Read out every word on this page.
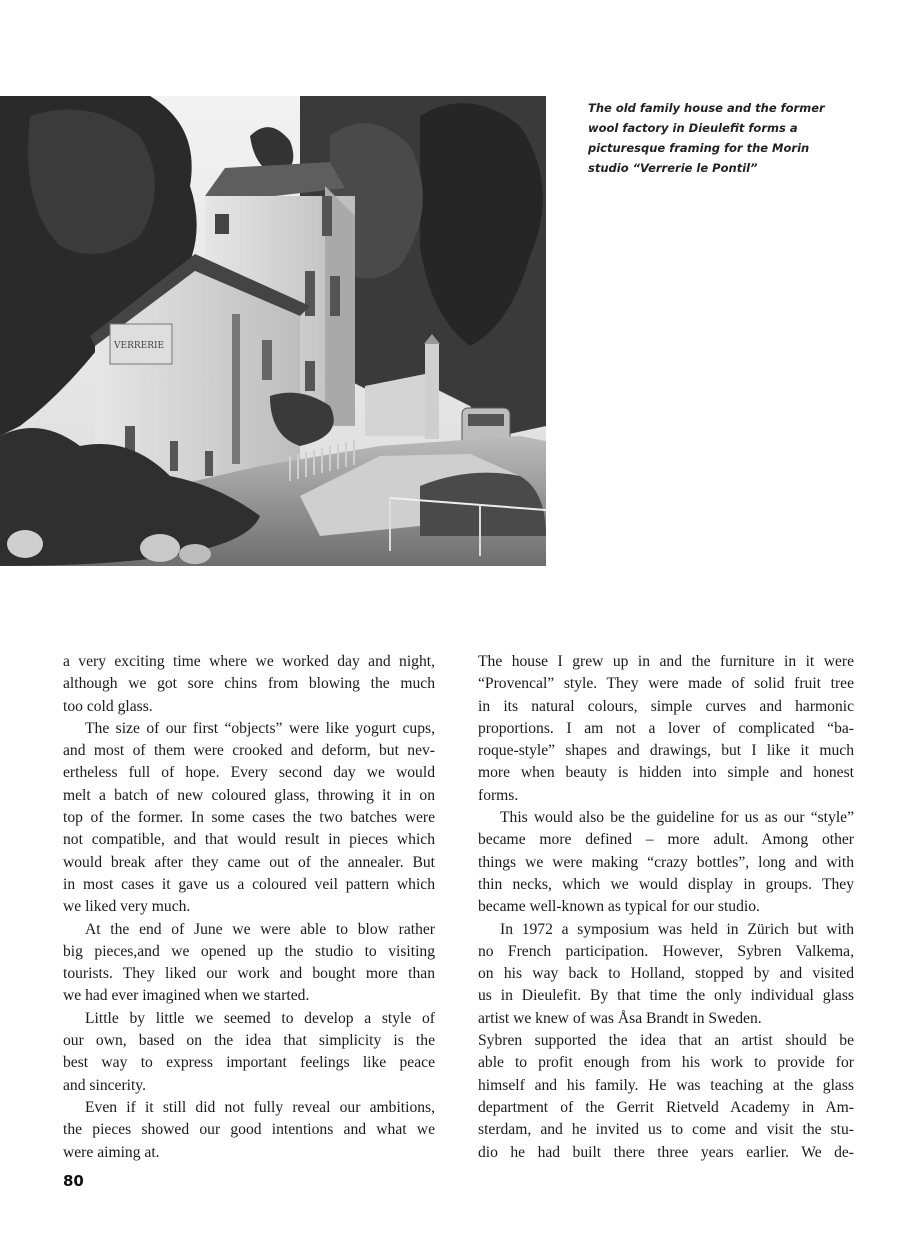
VERRERIE
The old family house and the former
wool factory in Dieulefit forms a
picturesque framing for the Morin
studio “Verrerie le Pontil”
a very exciting time where we worked day and night,
although we got sore chins from blowing the much
too cold glass.
The size of our first “objects” were like yogurt cups,
and most of them were crooked and deform, but nev-
ertheless full of hope. Every second day we would
melt a batch of new coloured glass, throwing it in on
top of the former. In some cases the two batches were
not compatible, and that would result in pieces which
would break after they came out of the annealer. But
in most cases it gave us a coloured veil pattern which
we liked very much.
At the end of June we were able to blow rather
big pieces,and we opened up the studio to visiting
tourists. They liked our work and bought more than
we had ever imagined when we started.
Little by little we seemed to develop a style of
our own, based on the idea that simplicity is the
best way to express important feelings like peace
and sincerity.
Even if it still did not fully reveal our ambitions,
the pieces showed our good intentions and what we
were aiming at.
The house I grew up in and the furniture in it were
“Provencal” style. They were made of solid fruit tree
in its natural colours, simple curves and harmonic
proportions. I am not a lover of complicated “ba-
roque-style” shapes and drawings, but I like it much
more when beauty is hidden into simple and honest
forms.
This would also be the guideline for us as our “style”
became more defined – more adult. Among other
things we were making “crazy bottles”, long and with
thin necks, which we would display in groups. They
became well-known as typical for our studio.
In 1972 a symposium was held in Zürich but with
no French participation. However, Sybren Valkema,
on his way back to Holland, stopped by and visited
us in Dieulefit. By that time the only individual glass
artist we knew of was Åsa Brandt in Sweden.
Sybren supported the idea that an artist should be
able to profit enough from his work to provide for
himself and his family. He was teaching at the glass
department of the Gerrit Rietveld Academy in Am-
sterdam, and he invited us to come and visit the stu-
dio he had built there three years earlier. We de-
80
